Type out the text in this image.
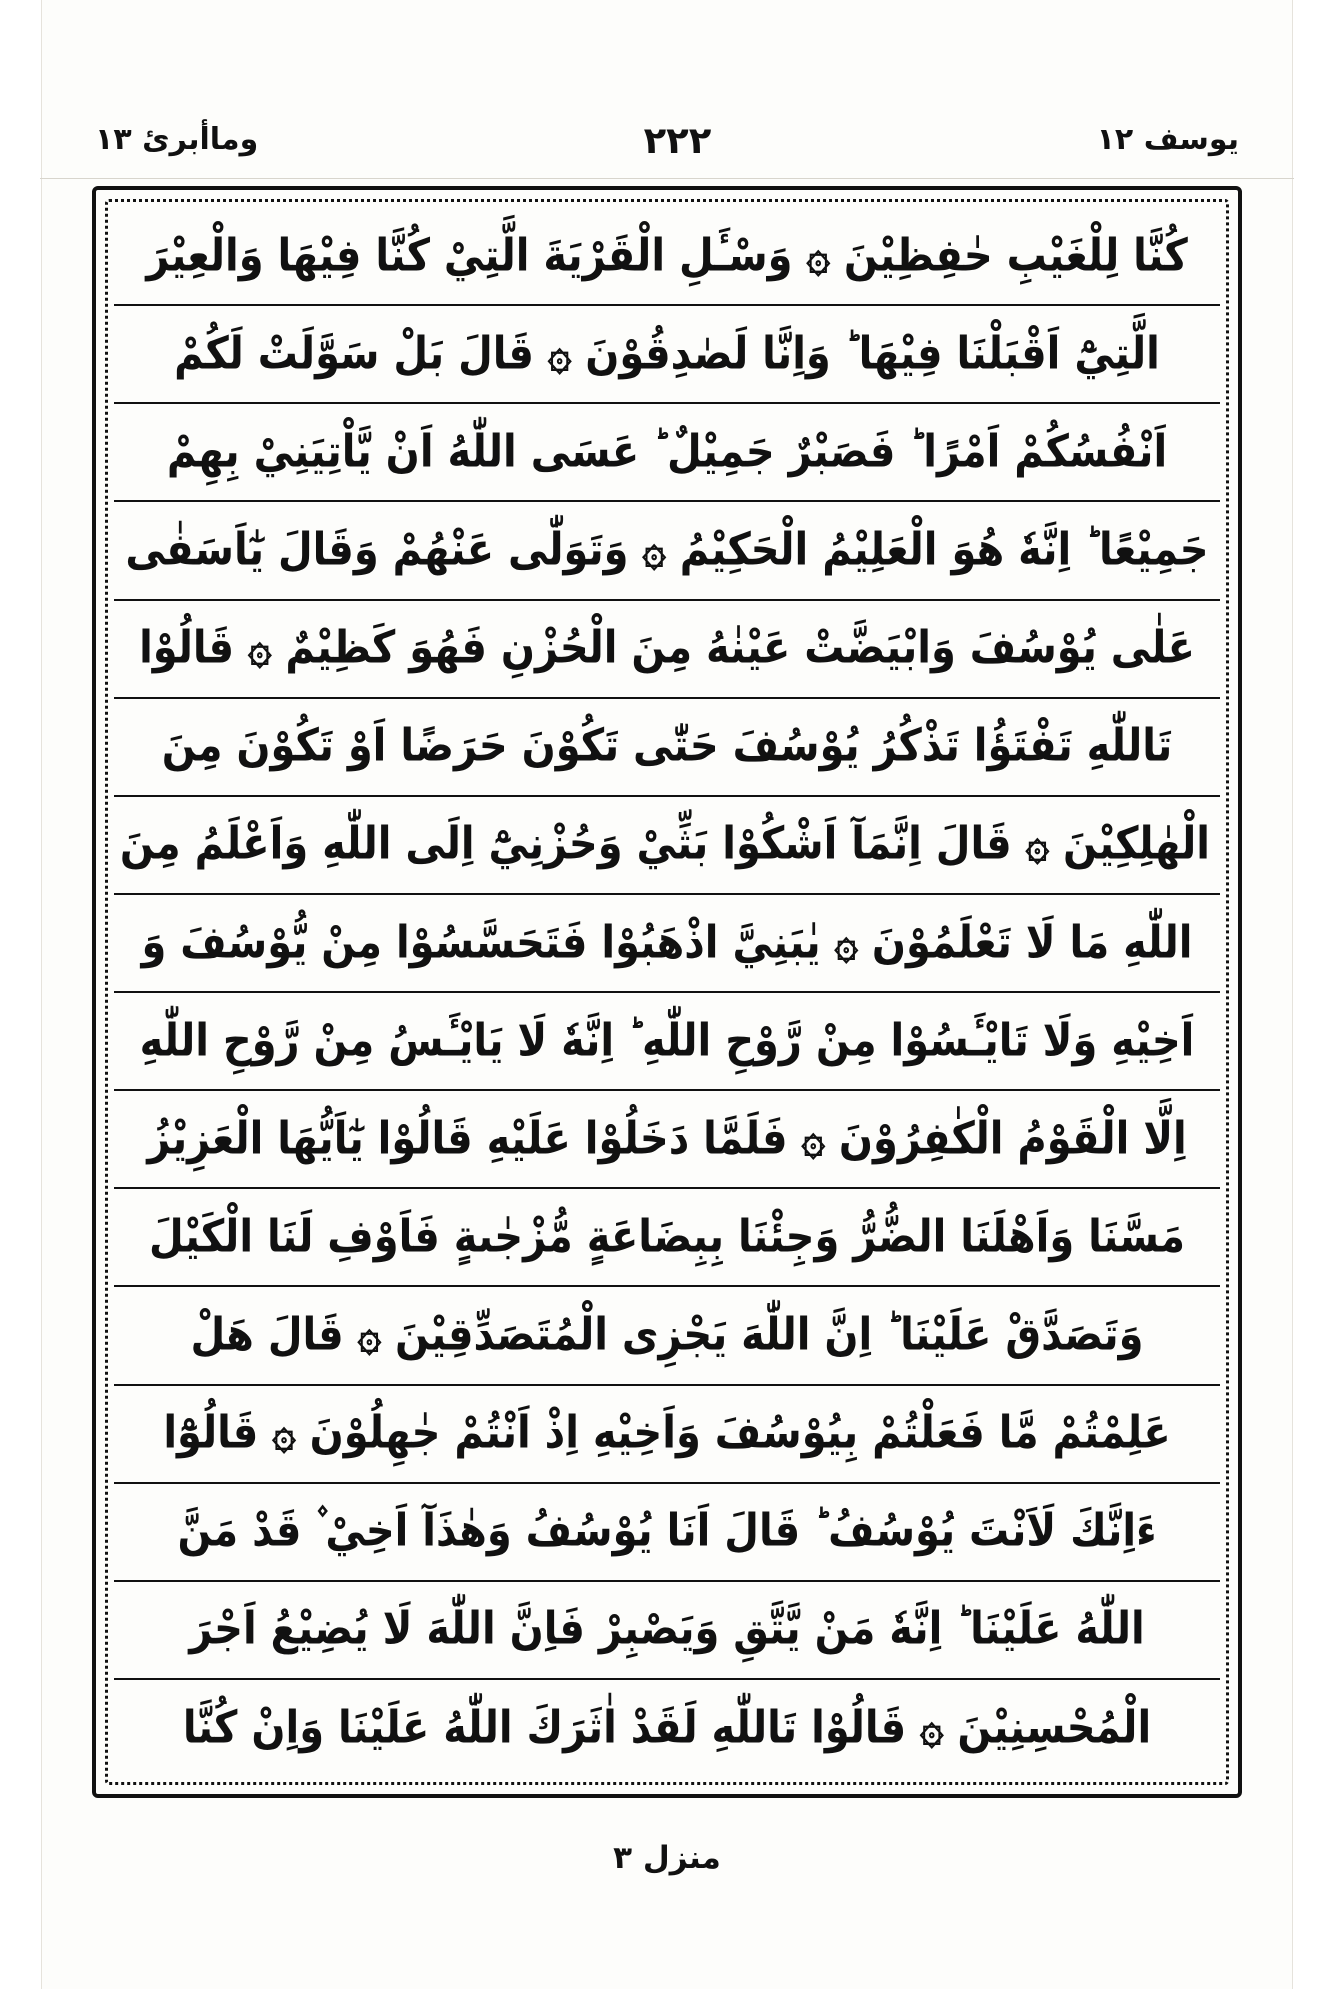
يوسف ١٢
٢٢٢
وماأبرئ ١٣
كُنَّا لِلْغَيْبِ حٰفِظِيْنَ ۞ وَسْـَٔلِ الْقَرْيَةَ الَّتِيْ كُنَّا فِيْهَا وَالْعِيْرَ
الَّتِيْٓ اَقْبَلْنَا فِيْهَا ؕ وَاِنَّا لَصٰدِقُوْنَ ۞ قَالَ بَلْ سَوَّلَتْ لَكُمْ
اَنْفُسُكُمْ اَمْرًا ؕ فَصَبْرٌ جَمِيْلٌ ؕ عَسَى اللّٰهُ اَنْ يَّاْتِيَنِيْ بِهِمْ
جَمِيْعًا ؕ اِنَّهٗ هُوَ الْعَلِيْمُ الْحَكِيْمُ ۞ وَتَوَلّٰى عَنْهُمْ وَقَالَ يٰٓاَسَفٰى
عَلٰى يُوْسُفَ وَابْيَضَّتْ عَيْنٰهُ مِنَ الْحُزْنِ فَهُوَ كَظِيْمٌ ۞ قَالُوْا
تَاللّٰهِ تَفْتَؤُا تَذْكُرُ يُوْسُفَ حَتّٰى تَكُوْنَ حَرَضًا اَوْ تَكُوْنَ مِنَ
الْهٰلِكِيْنَ ۞ قَالَ اِنَّمَآ اَشْكُوْا بَثِّيْ وَحُزْنِيْٓ اِلَى اللّٰهِ وَاَعْلَمُ مِنَ
اللّٰهِ مَا لَا تَعْلَمُوْنَ ۞ يٰبَنِيَّ اذْهَبُوْا فَتَحَسَّسُوْا مِنْ يُّوْسُفَ وَ
اَخِيْهِ وَلَا تَايْـَٔسُوْا مِنْ رَّوْحِ اللّٰهِ ؕ اِنَّهٗ لَا يَايْـَٔسُ مِنْ رَّوْحِ اللّٰهِ
اِلَّا الْقَوْمُ الْكٰفِرُوْنَ ۞ فَلَمَّا دَخَلُوْا عَلَيْهِ قَالُوْا يٰٓاَيُّهَا الْعَزِيْزُ
مَسَّنَا وَاَهْلَنَا الضُّرُّ وَجِئْنَا بِبِضَاعَةٍ مُّزْجٰىةٍ فَاَوْفِ لَنَا الْكَيْلَ
وَتَصَدَّقْ عَلَيْنَا ؕ اِنَّ اللّٰهَ يَجْزِى الْمُتَصَدِّقِيْنَ ۞ قَالَ هَلْ
عَلِمْتُمْ مَّا فَعَلْتُمْ بِيُوْسُفَ وَاَخِيْهِ اِذْ اَنْتُمْ جٰهِلُوْنَ ۞ قَالُوْٓا
ءَاِنَّكَ لَاَنْتَ يُوْسُفُ ؕ قَالَ اَنَا يُوْسُفُ وَهٰذَآ اَخِيْ ۫ قَدْ مَنَّ
اللّٰهُ عَلَيْنَا ؕ اِنَّهٗ مَنْ يَّتَّقِ وَيَصْبِرْ فَاِنَّ اللّٰهَ لَا يُضِيْعُ اَجْرَ
الْمُحْسِنِيْنَ ۞ قَالُوْا تَاللّٰهِ لَقَدْ اٰثَرَكَ اللّٰهُ عَلَيْنَا وَاِنْ كُنَّا
منزل ٣
